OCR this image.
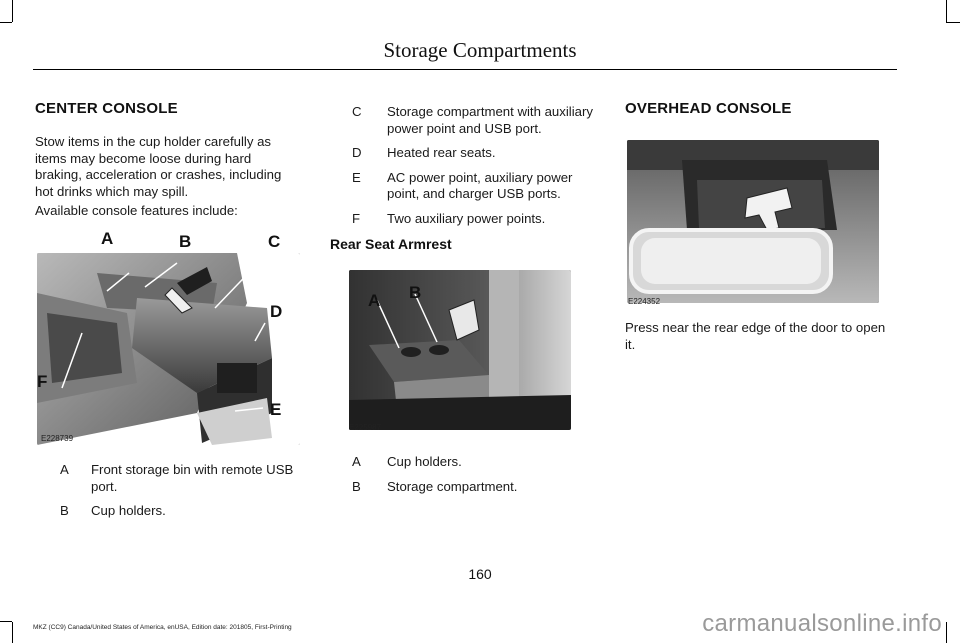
Storage Compartments
CENTER CONSOLE

Stow items in the cup holder carefully as items may become loose during hard braking, acceleration or crashes, including hot drinks which may spill.

Available console features include:

A	B	C
D
E
F
E228739
A	Front storage bin with remote USB port.
B	Cup holders.
C	Storage compartment with auxiliary power point and USB port.
D	Heated rear seats.
E	AC power point, auxiliary power point, and charger USB ports.
F	Two auxiliary power points.
Rear Seat Armrest
A B
E225987
A	Cup holders.
B	Storage compartment.
OVERHEAD CONSOLE
E224352

Press near the rear edge of the door to open it.

160
MKZ (CC9) Canada/United States of America, enUSA, Edition date: 201805, First-Printing	carmanualsonline.info
